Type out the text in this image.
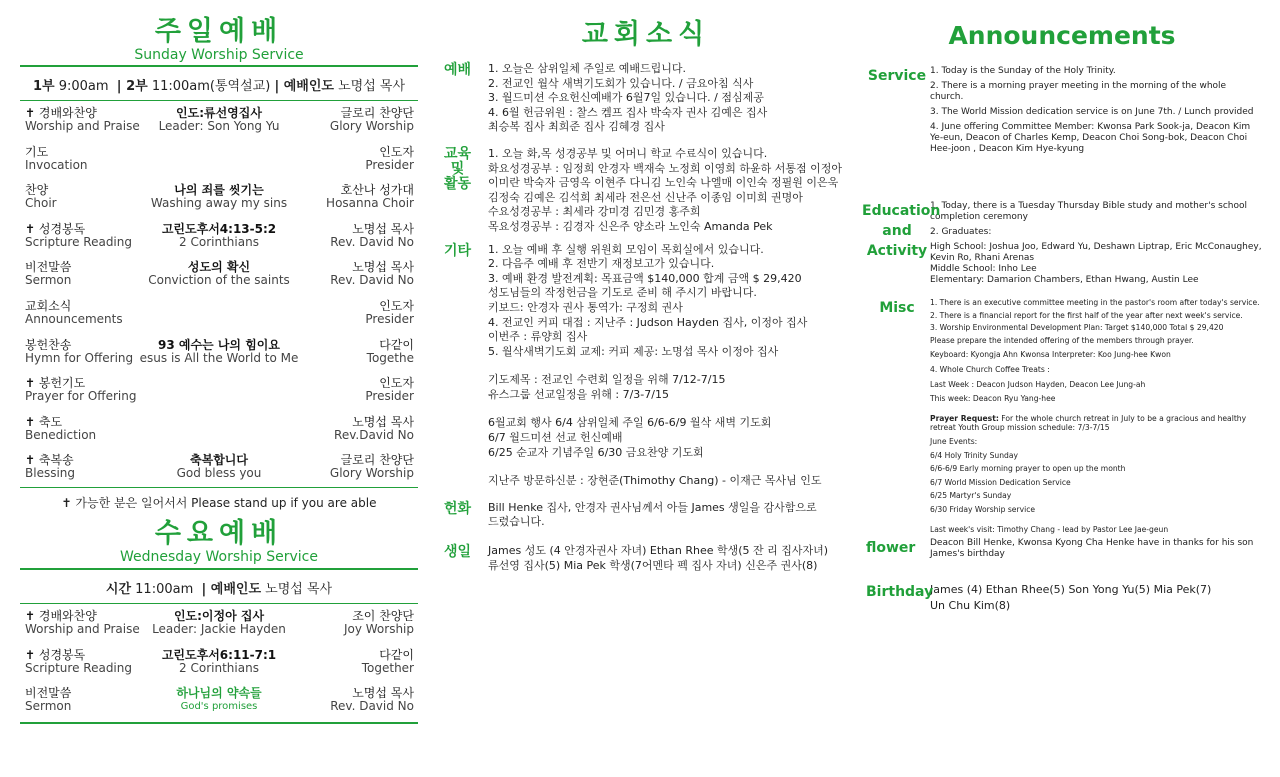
주일예배
Sunday Worship Service
1부 9:00am | 2부 11:00am(통역설교) | 예배인도 노명섭 목사
✝ 경배와찬양
Worship and Praise
인도:류선영집사
Leader: Son Yong Yu
글로리 찬양단
Glory Worship
기도
Invocation
인도자
Presider
찬양
Choir
나의 죄를 씻기는
Washing away my sins
호산나 성가대
Hosanna Choir
✝ 성경봉독
Scripture Reading
고린도후서4:13-5:2
2 Corinthians
노명섭 목사
Rev. David No
비전말씀
Sermon
성도의 확신
Conviction of the saints
노명섭 목사
Rev. David No
교회소식
Announcements
인도자
Presider
봉헌찬송
Hymn for Offering
93 예수는 나의 힘이요
esus is All the World to Me
다같이
Togethe
✝ 봉헌기도
Prayer for Offering
인도자
Presider
✝ 축도
Benediction
노명섭 목사
Rev.David No
✝ 축복송
Blessing
축복합니다
God bless you
글로리 찬양단
Glory Worship
✝ 가능한 분은 일어서서 Please stand up if you are able
수요예배
Wednesday Worship Service
시간 11:00am | 예배인도 노명섭 목사
✝ 경배와찬양
Worship and Praise
인도:이정아 집사
Leader: Jackie Hayden
조이 찬양단
Joy Worship
✝ 성경봉독
Scripture Reading
고린도후서6:11-7:1
2 Corinthians
다같이
Together
비전말씀
Sermon
하나님의 약속들
God's promises
노명섭 목사
Rev. David No
교회소식
예배 1. 오늘은 삼위일체 주일로 예배드립니다.

2. 전교인 월삭 새벽기도회가 있습니다. / 금요아침 식사

3. 월드미션 수요헌신예배가 6월7일 있습니다. / 점심제공

4. 6월 헌금위원 : 찰스 켐프 집사 박숙자 권사 김예은 집사

최승복 집사 최희준 집사 김혜경 집사

교육
및
활동

1. 오늘 화,목 성경공부 및 어머니 학교 수료식이 있습니다.

화요성경공부 : 임정희 안경자 백재숙 노정희 이영희 하윤하 서통점 이정아

이미란 박숙자 금영옥 이현주 다니김 노인숙 나엘매 이인숙 정필원 이은욱

김정숙 김예은 김석희 최세라 전은선 신난주 이종임 이미희 권명아

수요성경공부 : 최세라 강미경 김민경 홍주희

목요성경공부 : 김경자 신은주 양소라 노인숙 Amanda Pek

기타 1. 오늘 예배 후 실행 위원회 모임이 목회실에서 있습니다.

2. 다음주 예배 후 전반기 재정보고가 있습니다.

3. 예배 환경 발전계획: 목표금액 $140,000 합계 금액 $ 29,420

성도님들의 작정헌금을 기도로 준비 해 주시기 바랍니다.

키보드: 안경자 권사 통역가: 구정희 권사

4. 전교인 커피 대접 : 지난주 : Judson Hayden 집사, 이정아 집사

이번주 : 류양희 집사

5. 월삭새벽기도회 교제: 커피 제공: 노명섭 목사 이정아 집사

기도제목 : 전교인 수련회 일정을 위해 7/12-7/15

유스그룹 선교일정을 위해 : 7/3-7/15

6월교회 행사 6/4 삼위일체 주일 6/6-6/9 월삭 새벽 기도회

6/7 월드미션 선교 헌신예배

6/25 순교자 기념주일 6/30 금요찬양 기도회

지난주 방문하신분 : 장현준(Thimothy Chang) - 이재근 목사님 인도

헌화 Bill Henke 집사, 안경자 권사님께서 아들 James 생일을 감사함으로

드렸습니다.

생일 James 성도 (4 안경자권사 자녀) Ethan Rhee 학생(5 잔 리 집사자녀)

류선영 집사(5) Mia Pek 학생(7어멘타 펙 집사 자녀) 신은주 권사(8)

Announcements
Service 1. Today is the Sunday of the Holy Trinity.

2. There is a morning prayer meeting in the morning of the whole church.

3. The World Mission dedication service is on June 7th. / Lunch provided

4. June offering Committee Member: Kwonsa Park Sook-ja, Deacon Kim Ye-eun, Deacon of Charles Kemp, Deacon Choi Song-bok, Deacon Choi Hee-joon , Deacon Kim Hye-kyung

Education
and
Activity

1. Today, there is a Tuesday Thursday Bible study and mother's school completion ceremony

2. Graduates:

High School: Joshua Joo, Edward Yu, Deshawn Liptrap, Eric McConaughey, Kevin Ro, Rhani Arenas

Middle School: Inho Lee

Elementary: Damarion Chambers, Ethan Hwang, Austin Lee

Misc	1. There is an executive committee meeting in the pastor's room after today's service.

2. There is a financial report for the first half of the year after next week's service.

3. Worship Environmental Development Plan: Target $140,000 Total $ 29,420

Please prepare the intended offering of the members through prayer.

Keyboard: Kyongja Ahn Kwonsa Interpreter: Koo Jung-hee Kwon

4. Whole Church Coffee Treats :

Last Week : Deacon Judson Hayden, Deacon Lee Jung-ah

This week: Deacon Ryu Yang-hee

Prayer Request: For the whole church retreat in July to be a gracious and healthy retreat Youth Group mission schedule: 7/3-7/15

June Events:

6/4 Holy Trinity Sunday

6/6-6/9 Early morning prayer to open up the month

6/7 World Mission Dedication Service

6/25 Martyr's Sunday

6/30 Friday Worship service

Last week's visit: Timothy Chang - lead by Pastor Lee Jae-geun

flower	Deacon Bill Henke, Kwonsa Kyong Cha Henke have in thanks for his son James's birthday

Birthday

James (4) Ethan Rhee(5) Son Yong Yu(5) Mia Pek(7)

Un Chu Kim(8)
